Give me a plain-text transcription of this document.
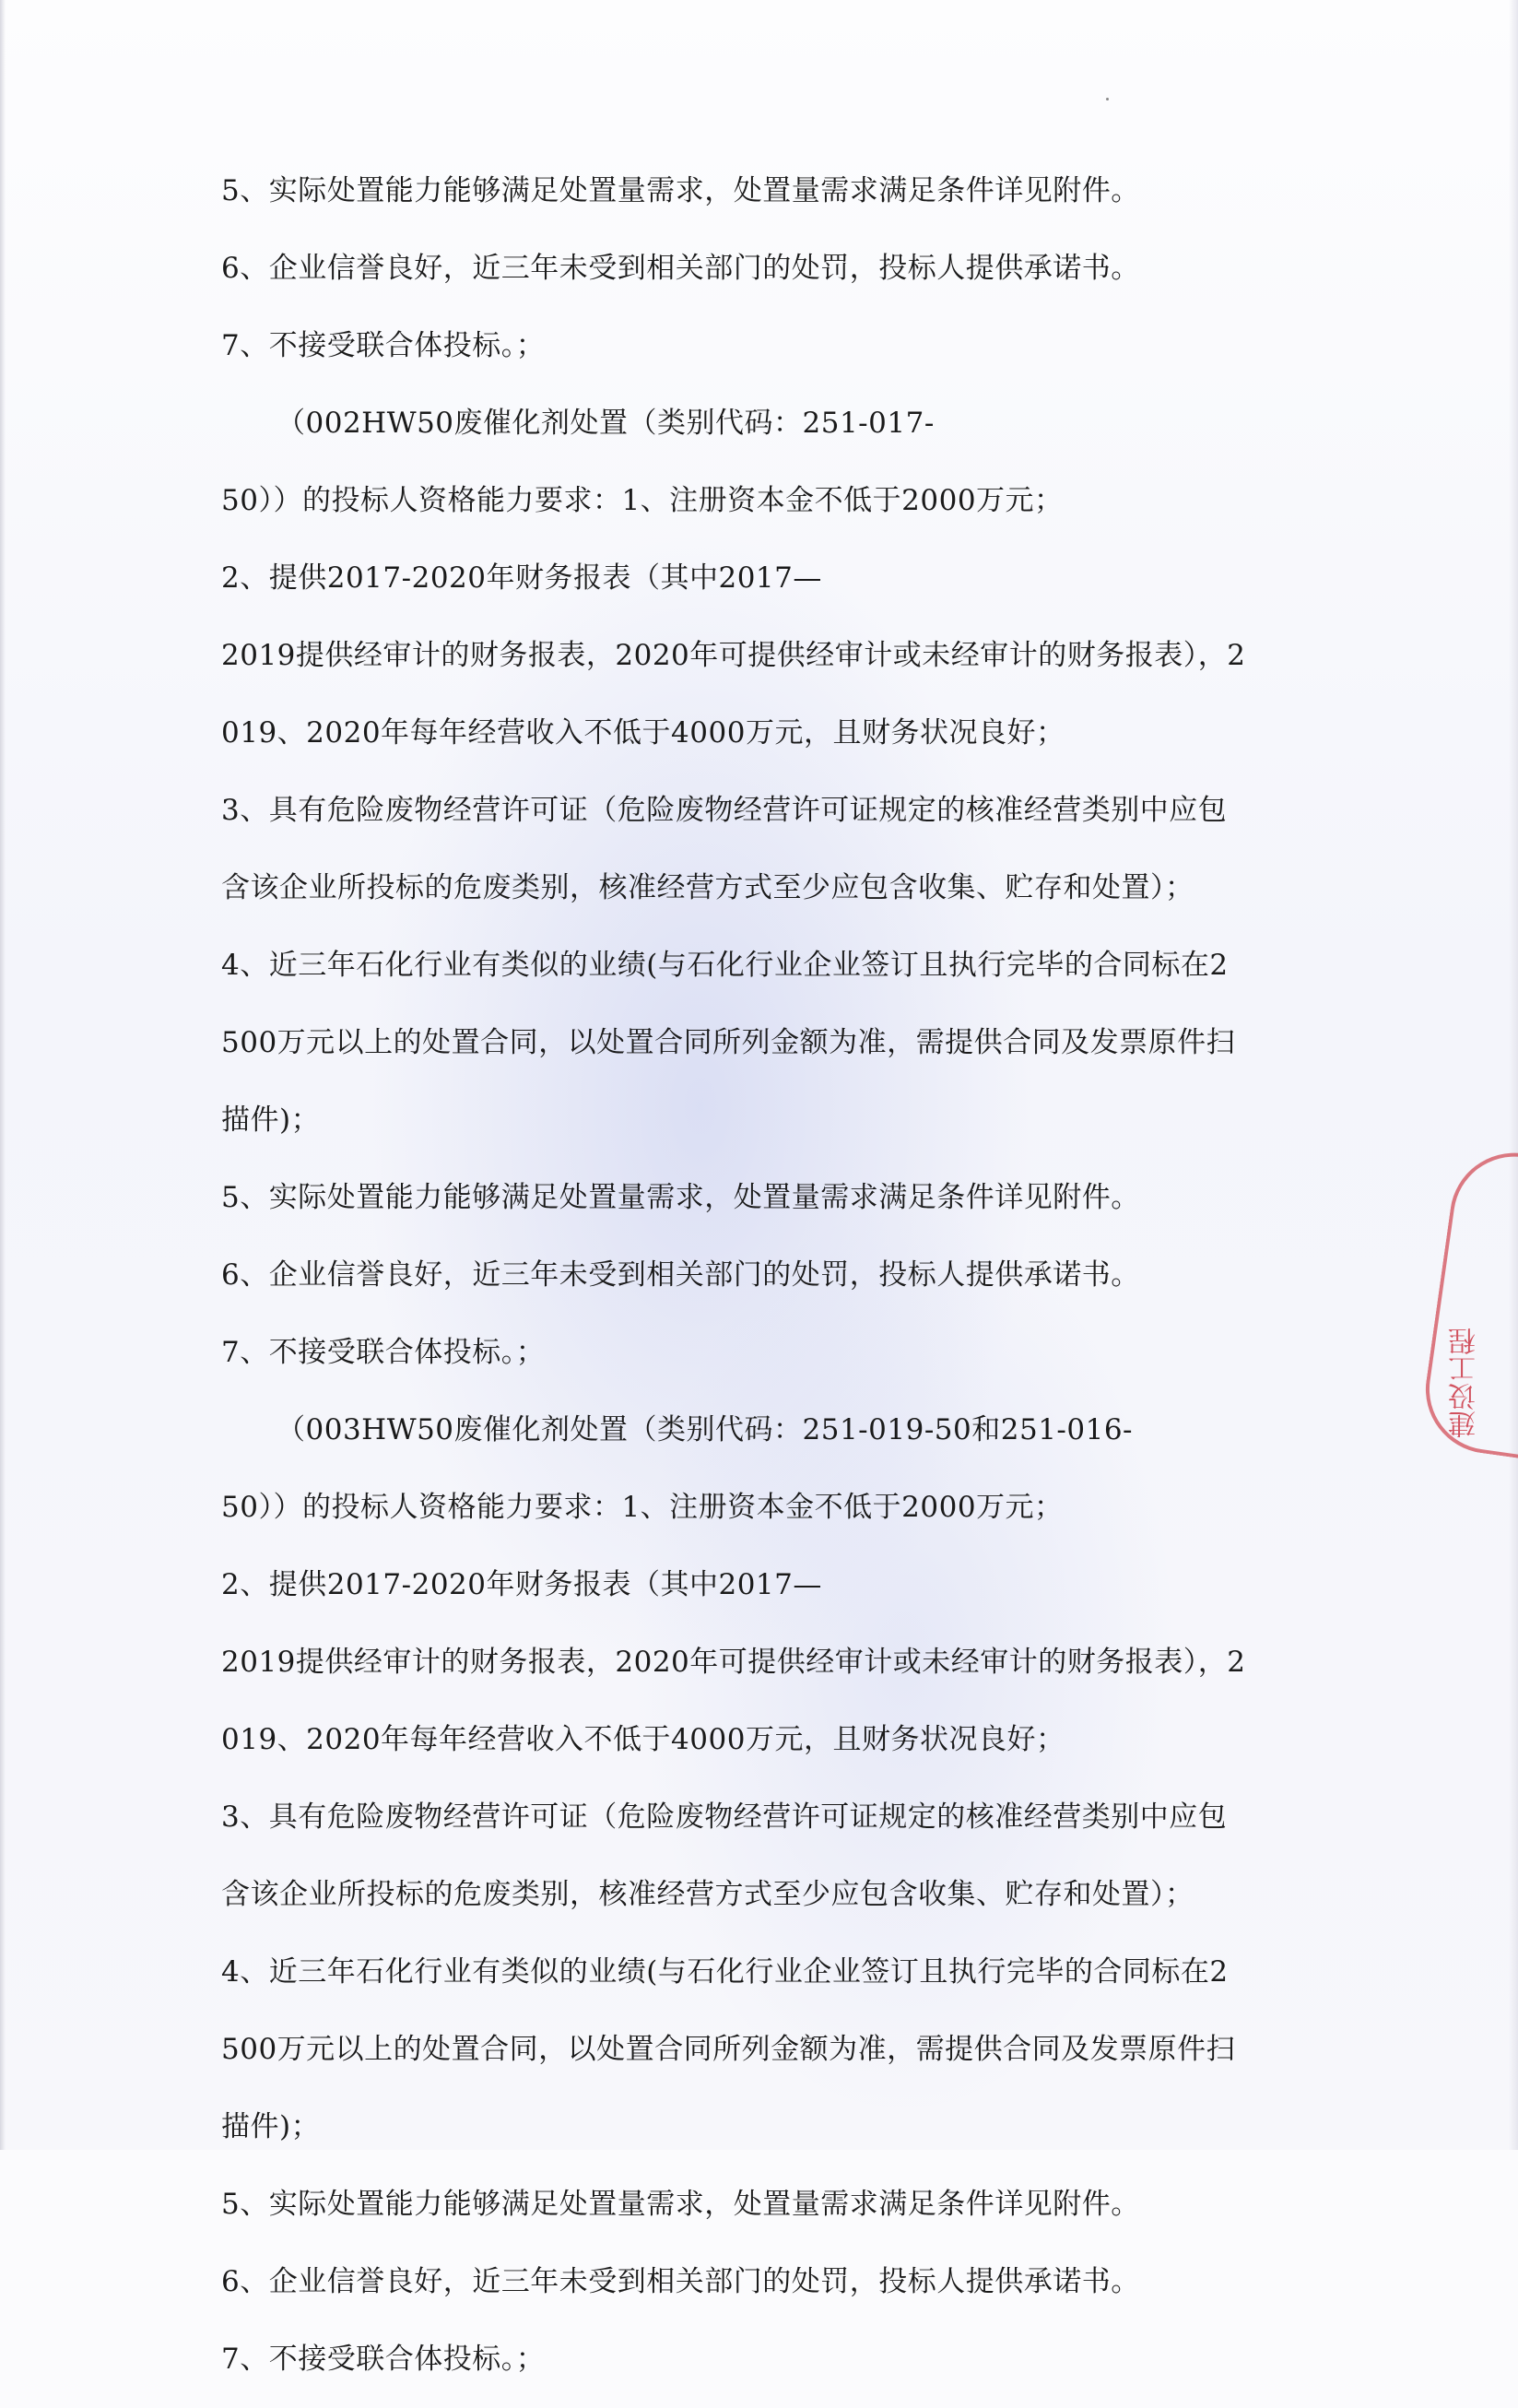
5、实际处置能力能够满足处置量需求，处置量需求满足条件详见附件。
6、企业信誉良好，近三年未受到相关部门的处罚，投标人提供承诺书。
7、不接受联合体投标。；
（002HW50废催化剂处置（类别代码：251-017-
50））的投标人资格能力要求：1、注册资本金不低于2000万元；
2、提供2017-2020年财务报表（其中2017—
2019提供经审计的财务报表，2020年可提供经审计或未经审计的财务报表），2
019、2020年每年经营收入不低于4000万元，且财务状况良好；
3、具有危险废物经营许可证（危险废物经营许可证规定的核准经营类别中应包
含该企业所投标的危废类别，核准经营方式至少应包含收集、贮存和处置）；
4、近三年石化行业有类似的业绩(与石化行业企业签订且执行完毕的合同标在2
500万元以上的处置合同，以处置合同所列金额为准，需提供合同及发票原件扫
描件)；
5、实际处置能力能够满足处置量需求，处置量需求满足条件详见附件。
6、企业信誉良好，近三年未受到相关部门的处罚，投标人提供承诺书。
7、不接受联合体投标。；
（003HW50废催化剂处置（类别代码：251-019-50和251-016-
50））的投标人资格能力要求：1、注册资本金不低于2000万元；
2、提供2017-2020年财务报表（其中2017—
2019提供经审计的财务报表，2020年可提供经审计或未经审计的财务报表），2
019、2020年每年经营收入不低于4000万元，且财务状况良好；
3、具有危险废物经营许可证（危险废物经营许可证规定的核准经营类别中应包
含该企业所投标的危废类别，核准经营方式至少应包含收集、贮存和处置）；
4、近三年石化行业有类似的业绩(与石化行业企业签订且执行完毕的合同标在2
500万元以上的处置合同，以处置合同所列金额为准，需提供合同及发票原件扫
描件)；
5、实际处置能力能够满足处置量需求，处置量需求满足条件详见附件。
6、企业信誉良好，近三年未受到相关部门的处罚，投标人提供承诺书。
7、不接受联合体投标。；
建设工程
